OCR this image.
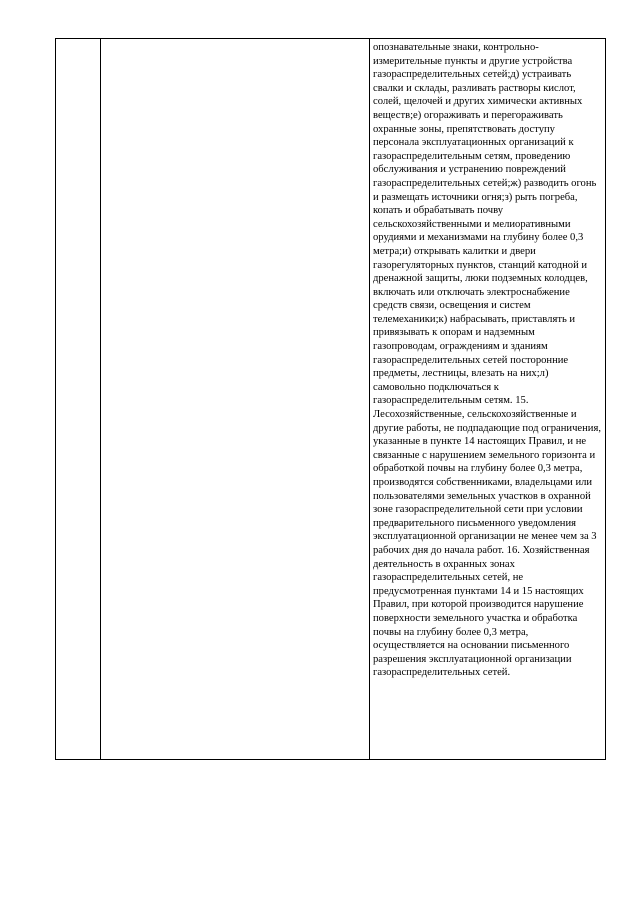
опознавательные знаки, контрольно-измерительные пункты и другие устройства газораспределительных сетей;д) устраивать свалки и склады, разливать растворы кислот, солей, щелочей и других химически активных веществ;е) огораживать и перегораживать охранные зоны, препятствовать доступу персонала эксплуатационных организаций к газораспределительным сетям, проведению обслуживания и устранению повреждений газораспределительных сетей;ж) разводить огонь и размещать источники огня;з) рыть погреба, копать и обрабатывать почву сельскохозяйственными и мелиоративными орудиями и механизмами на глубину более 0,3 метра;и) открывать калитки и двери газорегуляторных пунктов, станций катодной и дренажной защиты, люки подземных колодцев, включать или отключать электроснабжение средств связи, освещения и систем телемеханики;к) набрасывать, приставлять и привязывать к опорам и надземным газопроводам, ограждениям и зданиям газораспределительных сетей посторонние предметы, лестницы, влезать на них;л) самовольно подключаться к газораспределительным сетям. 15. Лесохозяйственные, сельскохозяйственные и другие работы, не подпадающие под ограничения, указанные в пункте 14 настоящих Правил, и не связанные с нарушением земельного горизонта и обработкой почвы на глубину более 0,3 метра, производятся собственниками, владельцами или пользователями земельных участков в охранной зоне газораспределительной сети при условии предварительного письменного уведомления эксплуатационной организации не менее чем за 3 рабочих дня до начала работ. 16. Хозяйственная деятельность в охранных зонах газораспределительных сетей, не предусмотренная пунктами 14 и 15 настоящих Правил, при которой производится нарушение поверхности земельного участка и обработка почвы на глубину более 0,3 метра, осуществляется на основании письменного разрешения эксплуатационной организации газораспределительных сетей.
